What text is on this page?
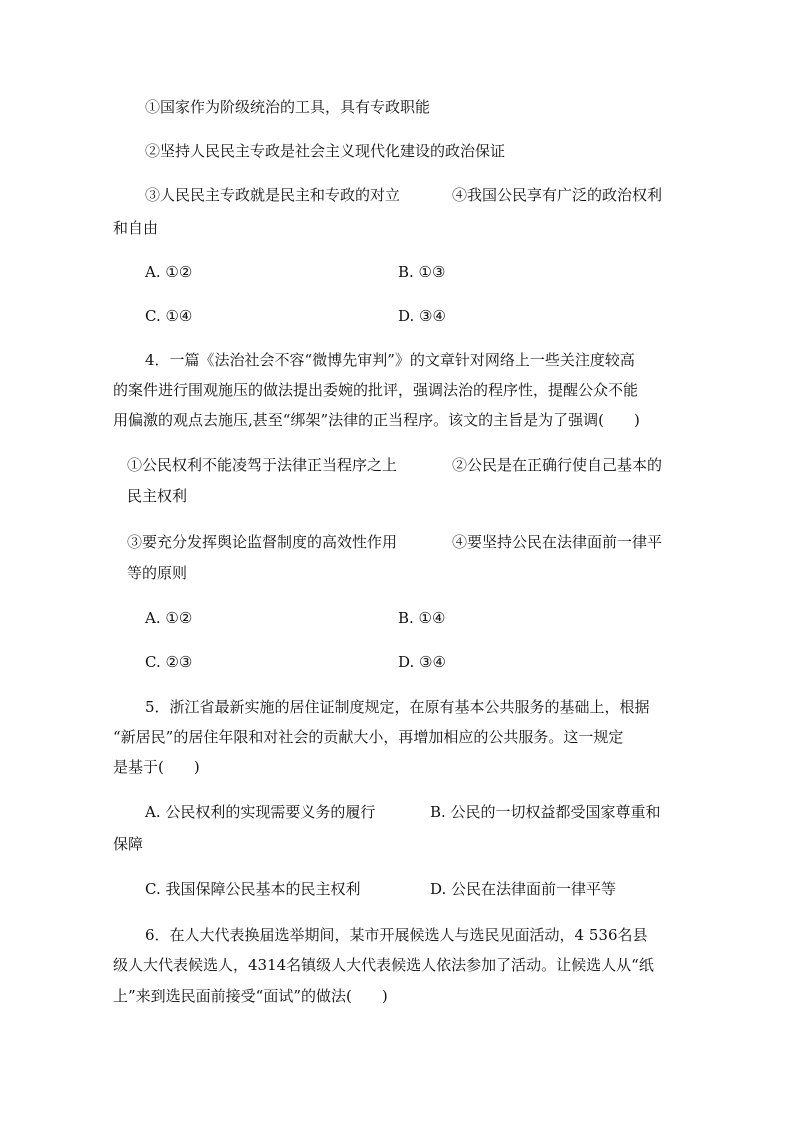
①国家作为阶级统治的工具，具有专政职能
②坚持人民民主专政是社会主义现代化建设的政治保证
③人民民主专政就是民主和专政的对立	④我国公民享有广泛的政治权利
和自由
A. ①②	B. ①③
C. ①④	D. ③④
4．一篇《法治社会不容“微博先审判”》的文章针对网络上一些关注度较高
的案件进行围观施压的做法提出委婉的批评，强调法治的程序性，提醒公众不能
用偏激的观点去施压,甚至“绑架”法律的正当程序。该文的主旨是为了强调(　　)
①公民权利不能凌驾于法律正当程序之上	②公民是在正确行使自己基本的
民主权利
③要充分发挥舆论监督制度的高效性作用	④要坚持公民在法律面前一律平
等的原则
A. ①②	B. ①④
C. ②③	D. ③④
5．浙江省最新实施的居住证制度规定，在原有基本公共服务的基础上，根据
“新居民”的居住年限和对社会的贡献大小，再增加相应的公共服务。这一规定
是基于(　　)
A. 公民权利的实现需要义务的履行	B. 公民的一切权益都受国家尊重和
保障
C. 我国保障公民基本的民主权利	D. 公民在法律面前一律平等
6．在人大代表换届选举期间，某市开展候选人与选民见面活动，4 536名县
级人大代表候选人，4314名镇级人大代表候选人依法参加了活动。让候选人从“纸
上”来到选民面前接受“面试”的做法(　　)
